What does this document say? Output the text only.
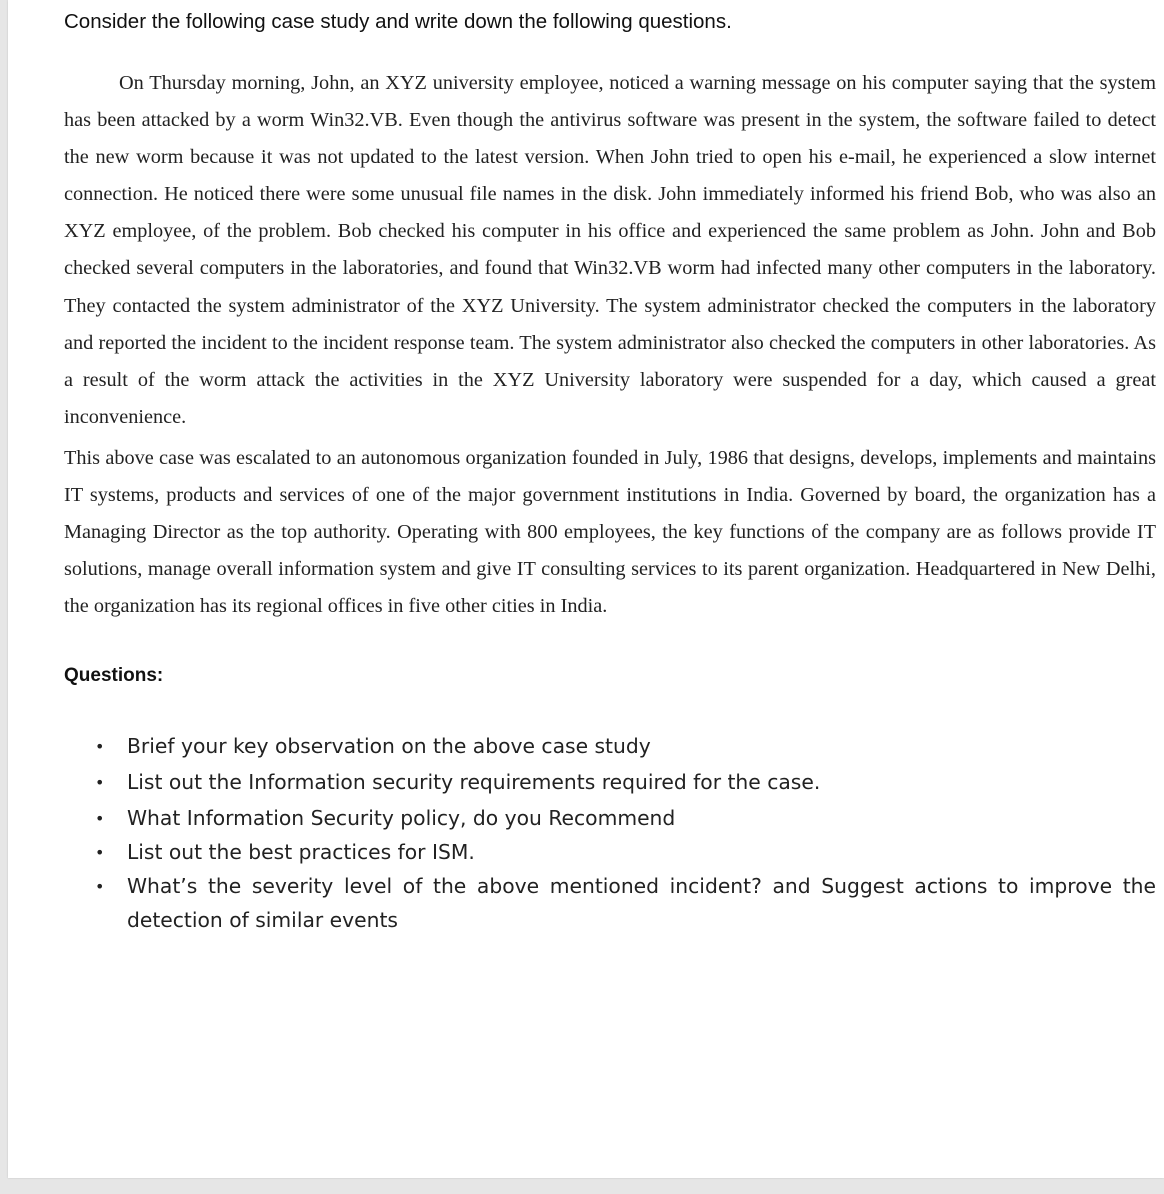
Consider the following case study and write down the following questions.

On Thursday morning, John, an XYZ university employee, noticed a warning message on his computer saying that the system has been attacked by a worm Win32.VB. Even though the antivirus software was present in the system, the software failed to detect the new worm because it was not updated to the latest version. When John tried to open his e-mail, he experienced a slow internet connection. He noticed there were some unusual file names in the disk. John immediately informed his friend Bob, who was also an XYZ employee, of the problem. Bob checked his computer in his office and experienced the same problem as John. John and Bob checked several computers in the laboratories, and found that Win32.VB worm had infected many other computers in the laboratory. They contacted the system administrator of the XYZ University. The system administrator checked the computers in the laboratory and reported the incident to the incident response team. The system administrator also checked the computers in other laboratories. As a result of the worm attack the activities in the XYZ University laboratory were suspended for a day, which caused a great inconvenience.

This above case was escalated to an autonomous organization founded in July, 1986 that designs, develops, implements and maintains IT systems, products and services of one of the major government institutions in India. Governed by board, the organization has a Managing Director as the top authority. Operating with 800 employees, the key functions of the company are as follows provide IT solutions, manage overall information system and give IT consulting services to its parent organization. Headquartered in New Delhi, the organization has its regional offices in five other cities in India.

Questions:
• Brief your key observation on the above case study
• List out the Information security requirements required for the case.
• What Information Security policy, do you Recommend
• List out the best practices for ISM.
• What’s the severity level of the above mentioned incident? and Suggest actions to improve the detection of similar events
